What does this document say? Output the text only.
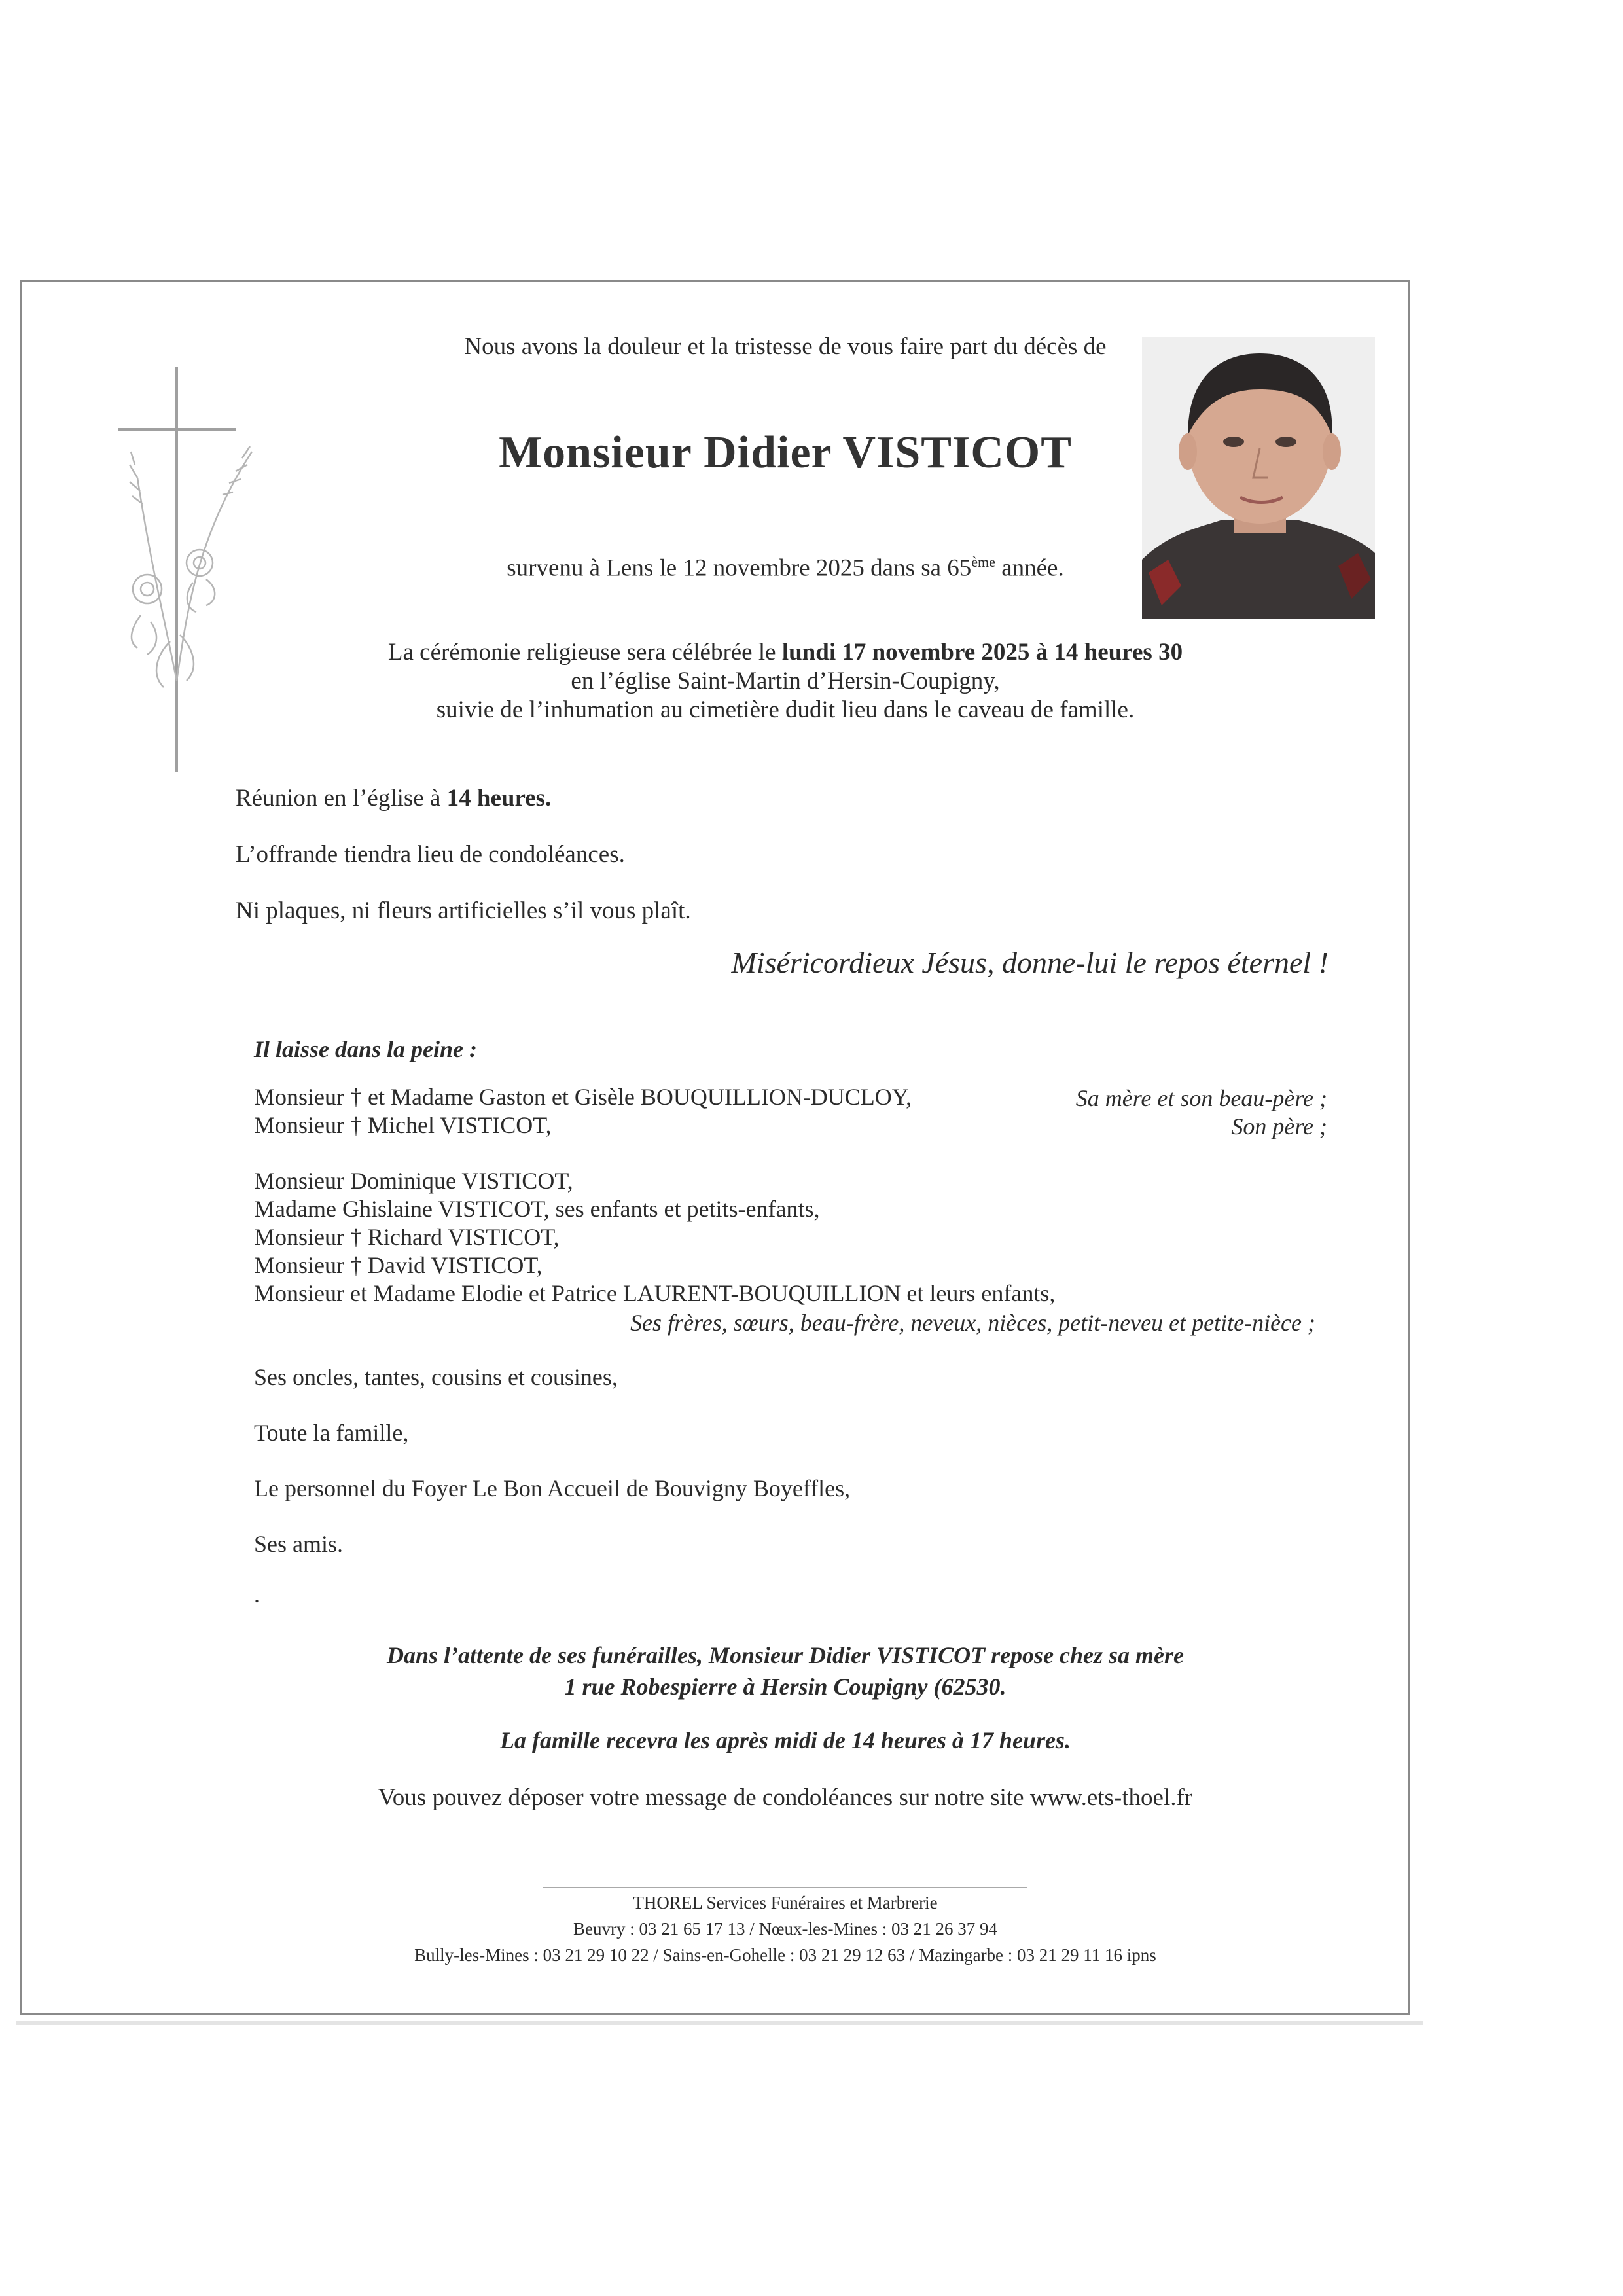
Nous avons la douleur et la tristesse de vous faire part du décès de
Monsieur Didier VISTICOT
survenu à Lens le 12 novembre 2025 dans sa 65ème année.
La cérémonie religieuse sera célébrée le lundi 17 novembre 2025 à 14 heures 30
en l’église Saint-Martin d’Hersin-Coupigny,
suivie de l’inhumation au cimetière dudit lieu dans le caveau de famille.
Réunion en l’église à 14 heures.
L’offrande tiendra lieu de condoléances.
Ni plaques, ni fleurs artificielles s’il vous plaît.
Miséricordieux Jésus, donne-lui le repos éternel !
Il laisse dans la peine :
Monsieur † et Madame Gaston et Gisèle BOUQUILLION-DUCLOY,	Sa mère et son beau-père ;
Monsieur † Michel VISTICOT,	Son père ;
Monsieur Dominique VISTICOT,
Madame Ghislaine VISTICOT, ses enfants et petits-enfants,
Monsieur † Richard VISTICOT,
Monsieur † David VISTICOT,
Monsieur et Madame Elodie et Patrice LAURENT-BOUQUILLION et leurs enfants,
Ses frères, sœurs, beau-frère, neveux, nièces, petit-neveu et petite-nièce ;
Ses oncles, tantes, cousins et cousines,
Toute la famille,
Le personnel du Foyer Le Bon Accueil de Bouvigny Boyeffles,
Ses amis.
.
Dans l’attente de ses funérailles, Monsieur Didier VISTICOT repose chez sa mère
1 rue Robespierre à Hersin Coupigny (62530.
La famille recevra les après midi de 14 heures à 17 heures.
Vous pouvez déposer votre message de condoléances sur notre site www.ets-thoel.fr
THOREL Services Funéraires et Marbrerie
Beuvry : 03 21 65 17 13 / Nœux-les-Mines : 03 21 26 37 94
Bully-les-Mines : 03 21 29 10 22 / Sains-en-Gohelle : 03 21 29 12 63 / Mazingarbe : 03 21 29 11 16 ipns
